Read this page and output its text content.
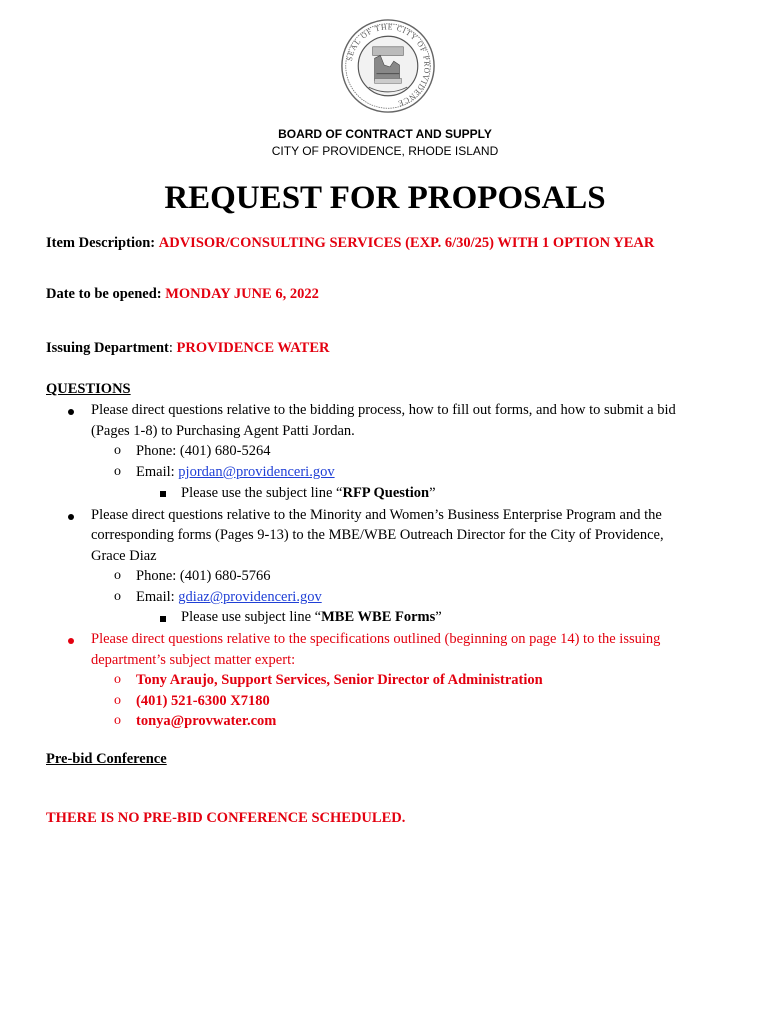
SEAL OF THE CITY OF PROVIDENCE
BOARD OF CONTRACT AND SUPPLY
CITY OF PROVIDENCE, RHODE ISLAND
REQUEST FOR PROPOSALS
Item Description: ADVISOR/CONSULTING SERVICES (EXP. 6/30/25) WITH 1 OPTION YEAR
Date to be opened: MONDAY JUNE 6, 2022
Issuing Department: PROVIDENCE WATER
QUESTIONS
Please direct questions relative to the bidding process, how to fill out forms, and how to submit a bid
(Pages 1-8) to Purchasing Agent Patti Jordan.
o Phone: (401) 680-5264
o Email: pjordan@providenceri.gov
Please use the subject line “RFP Question”
Please direct questions relative to the Minority and Women’s Business Enterprise Program and the
corresponding forms (Pages 9-13) to the MBE/WBE Outreach Director for the City of Providence,
Grace Diaz
o Phone: (401) 680-5766
o Email: gdiaz@providenceri.gov
Please use subject line “MBE WBE Forms”
Please direct questions relative to the specifications outlined (beginning on page 14) to the issuing
department’s subject matter expert:
o Tony Araujo, Support Services, Senior Director of Administration
o (401) 521-6300 X7180
o tonya@provwater.com
Pre-bid Conference
THERE IS NO PRE-BID CONFERENCE SCHEDULED.
